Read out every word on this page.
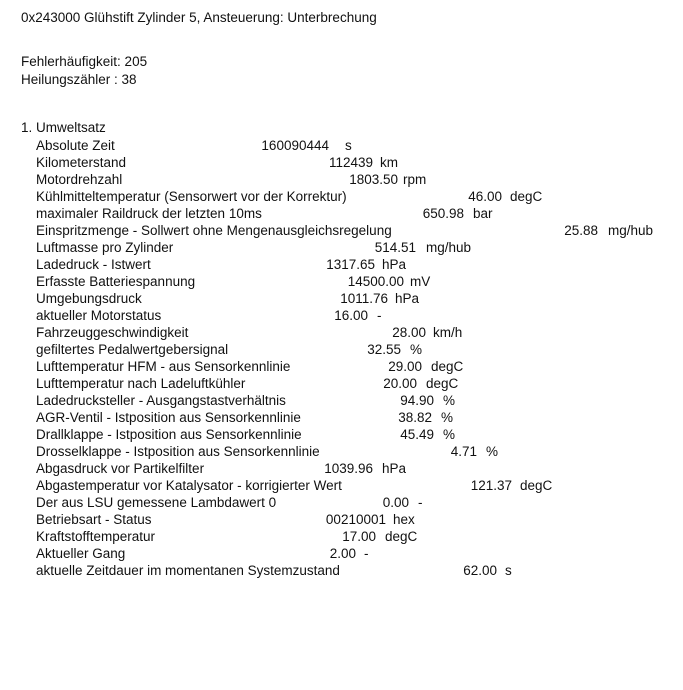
0x243000 Glühstift Zylinder 5, Ansteuerung: Unterbrechung
Fehlerhäufigkeit: 205
Heilungszähler : 38
1. Umweltsatz
Absolute Zeit	160090444 s
Kilometerstand	112439 km
Motordrehzahl	1803.50 rpm
Kühlmitteltemperatur (Sensorwert vor der Korrektur)	46.00 degC
maximaler Raildruck der letzten 10ms	650.98 bar
Einspritzmenge - Sollwert ohne Mengenausgleichsregelung	25.88 mg/hub
Luftmasse pro Zylinder	514.51 mg/hub
Ladedruck - Istwert	1317.65 hPa
Erfasste Batteriespannung	14500.00 mV
Umgebungsdruck	1011.76 hPa
aktueller Motorstatus	16.00 -
Fahrzeuggeschwindigkeit	28.00 km/h
gefiltertes Pedalwertgebersignal	32.55 %
Lufttemperatur HFM - aus Sensorkennlinie	29.00 degC
Lufttemperatur nach Ladeluftkühler	20.00 degC
Ladedrucksteller - Ausgangstastverhältnis	94.90 %
AGR-Ventil - Istposition aus Sensorkennlinie	38.82 %
Drallklappe - Istposition aus Sensorkennlinie	45.49 %
Drosselklappe - Istposition aus Sensorkennlinie	4.71 %
Abgasdruck vor Partikelfilter	1039.96 hPa
Abgastemperatur vor Katalysator - korrigierter Wert	121.37 degC
Der aus LSU gemessene Lambdawert 0	0.00 -
Betriebsart - Status	00210001 hex
Kraftstofftemperatur	17.00 degC
Aktueller Gang	2.00 -
aktuelle Zeitdauer im momentanen Systemzustand	62.00 s
